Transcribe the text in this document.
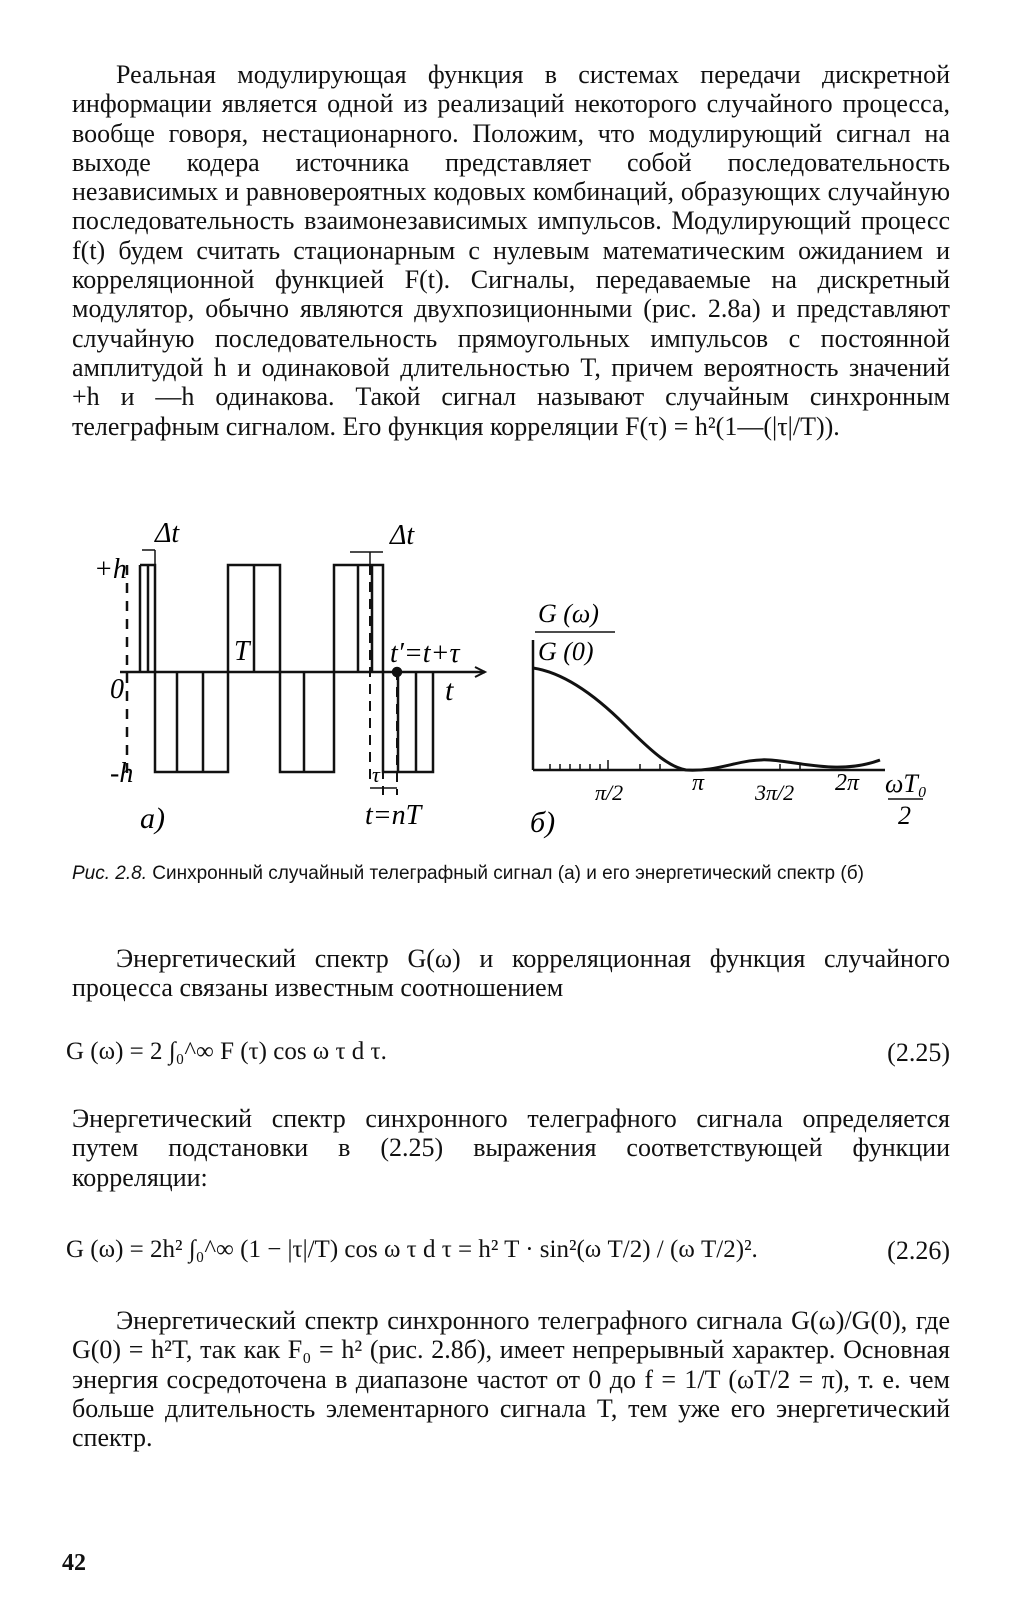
Реальная модулирующая функция в системах передачи дискретной информации является одной из реализаций некоторого случайного процесса, вообще говоря, нестационарного. Положим, что модулирующий сигнал на выходе кодера источника представляет собой последовательность независимых и равновероятных кодовых комбинаций, образующих случайную последовательность взаимонезависимых импульсов. Модулирующий процесс f(t) будем считать стационарным с нулевым математическим ожиданием и корреляционной функцией F(t). Сигналы, передаваемые на дискретный модулятор, обычно являются двухпозиционными (рис. 2.8а) и представляют случайную последовательность прямоугольных импульсов с постоянной амплитудой h и одинаковой длительностью T, причем вероятность значений +h и —h одинакова. Такой сигнал называют случайным синхронным телеграфным сигналом. Его функция корреляции F(τ) = h²(1—(|τ|/T)).

Δt	Δt
+h
0
-h
T	t′=t+τ
t
τ
t=nT
а)
G (ω)
G (0)
π/2	π 3π/2 2π ωT₀
2
б)

Рис. 2.8. Синхронный случайный телеграфный сигнал (а) и его энергетический спектр (б)

Энергетический спектр G(ω) и корреляционная функция случайного процесса связаны известным соотношением

G (ω) = 2 ∫₀^∞ F (τ) cos ω τ d τ.	(2.25)

Энергетический спектр синхронного телеграфного сигнала определяется путем подстановки в (2.25) выражения соответствующей функции корреляции:

G (ω) = 2h² ∫₀^∞ (1 − |τ|/T) cos ω τ d τ = h² T · sin²(ω T/2) / (ω T/2)².	(2.26)

Энергетический спектр синхронного телеграфного сигнала G(ω)/G(0), где G(0) = h²T, так как F₀ = h² (рис. 2.8б), имеет непрерывный характер. Основная энергия сосредоточена в диапазоне частот от 0 до f = 1/T (ωT/2 = π), т. е. чем больше длительность элементарного сигнала T, тем уже его энергетический спектр.

42
